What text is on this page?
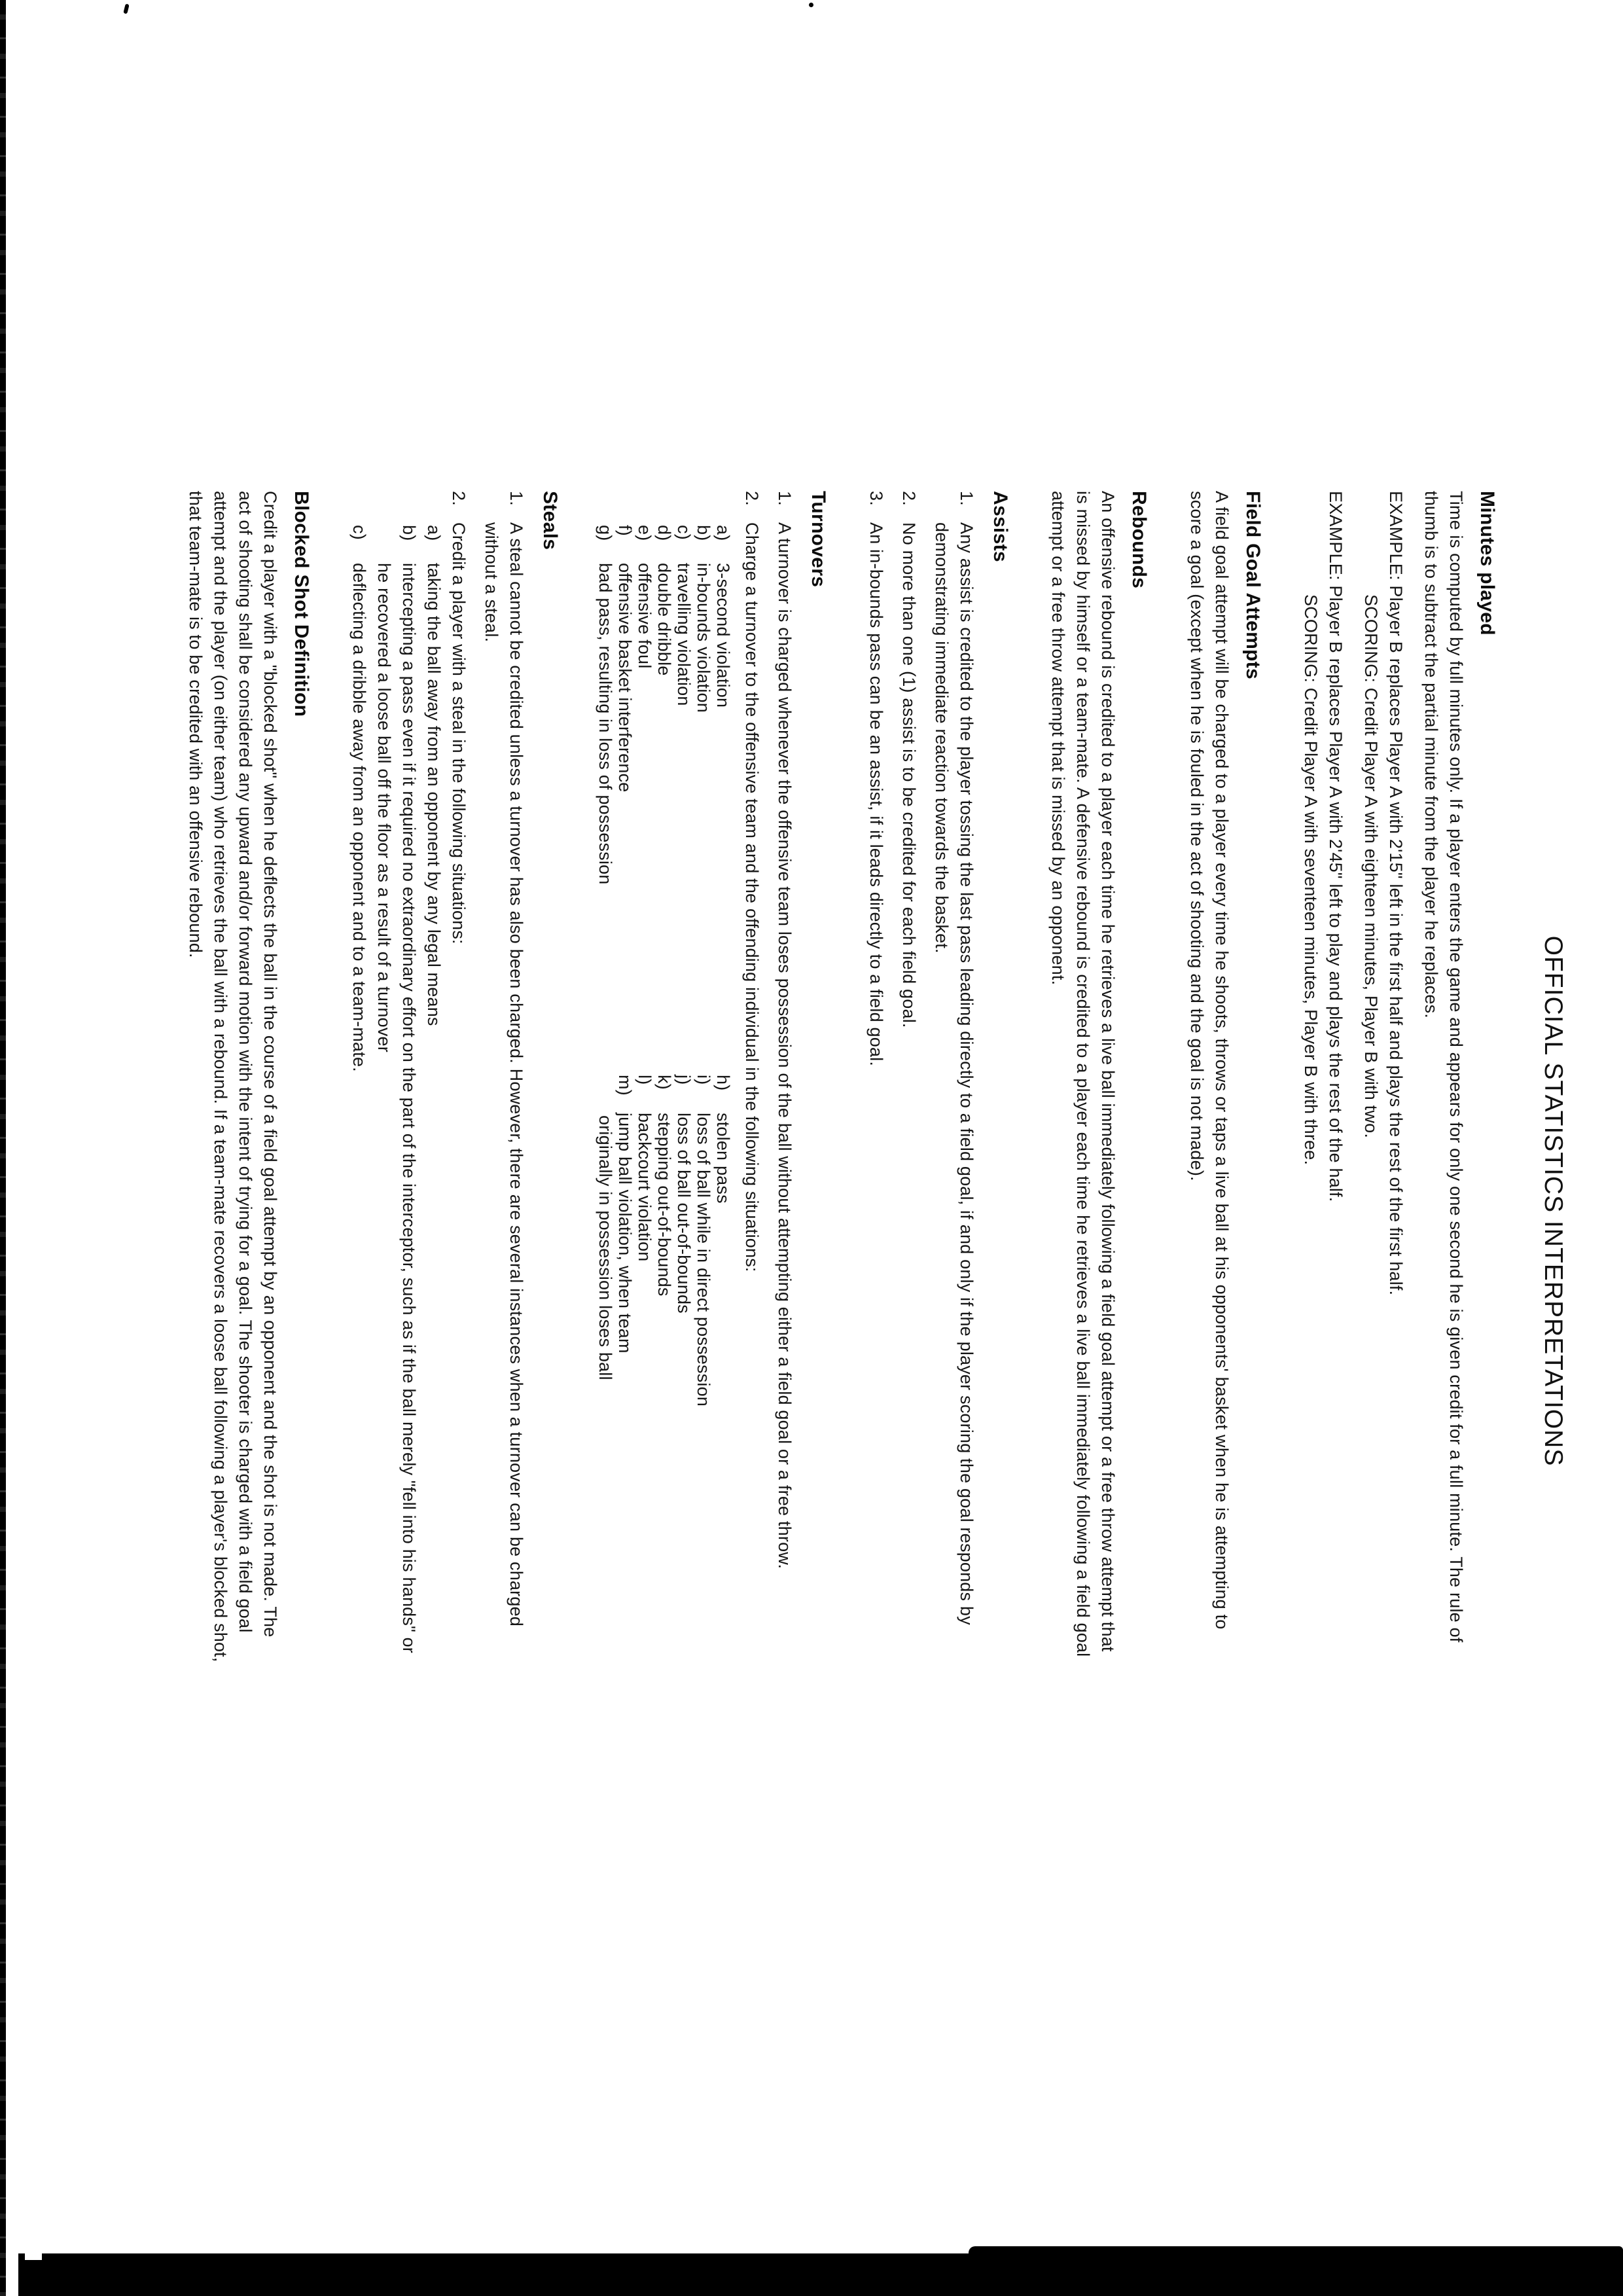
OFFICIAL STATISTICS INTERPRETATIONS
Minutes played
Time is computed by full minutes only. If a player enters the game and appears for only one second he is given credit for a full minute. The rule of
thumb is to subtract the partial minute from the player he replaces.
EXAMPLE: Player B replaces Player A with 2'15" left in the first half and plays the rest of the first half.
SCORING: Credit Player A with eighteen minutes, Player B with two.
EXAMPLE: Player B replaces Player A with 2'45" left to play and plays the rest of the half.
SCORING: Credit Player A with seventeen minutes, Player B with three.
Field Goal Attempts
A field goal attempt will be charged to a player every time he shoots, throws or taps a live ball at his opponents' basket when he is attempting to
score a goal (except when he is fouled in the act of shooting and the goal is not made).
Rebounds
An offensive rebound is credited to a player each time he retrieves a live ball immediately following a field goal attempt or a free throw attempt that
is missed by himself or a team-mate. A defensive rebound is credited to a player each time he retrieves a live ball immediately following a field goal
attempt or a free throw attempt that is missed by an opponent.
Assists
1.Any assist is credited to the player tossing the last pass leading directly to a field goal, if and only if the player scoring the goal responds by
demonstrating immediate reaction towards the basket.
2.No more than one (1) assist is to be credited for each field goal.
3.An in-bounds pass can be an assist, if it leads directly to a field goal.
Turnovers
1.A turnover is charged whenever the offensive team loses possession of the ball without attempting either a field goal or a free throw.
2.Charge a turnover to the offensive team and the offending individual in the following situations:
a)3-second violation
h)stolen pass
b)in-bounds violation
i)loss of ball while in direct possession
c)travelling violation
j)loss of ball out-of-bounds
d)double dribble
k)stepping out-of-bounds
e)offensive foul
l)backcourt violation
f)offensive basket interference
m)jump ball violation, when team
g)bad pass, resulting in loss of possession
originally in possession loses ball
Steals
1.A steal cannot be credited unless a turnover has also been charged. However, there are several instances when a turnover can be charged
without a steal.
2.Credit a player with a steal in the following situations:
a)taking the ball away from an opponent by any legal means
b)intercepting a pass even if it required no extraordinary effort on the part of the interceptor, such as if the ball merely "fell into his hands" or
he recovered a loose ball off the floor as a result of a turnover
c)deflecting a dribble away from an opponent and to a team-mate.
Blocked Shot Definition
Credit a player with a "blocked shot" when he deflects the ball in the course of a field goal attempt by an opponent and the shot is not made. The
act of shooting shall be considered any upward and/or forward motion with the intent of trying for a goal. The shooter is charged with a field goal
attempt and the player (on either team) who retrieves the ball with a rebound. If a team-mate recovers a loose ball following a player's blocked shot,
that team-mate is to be credited with an offensive rebound.
